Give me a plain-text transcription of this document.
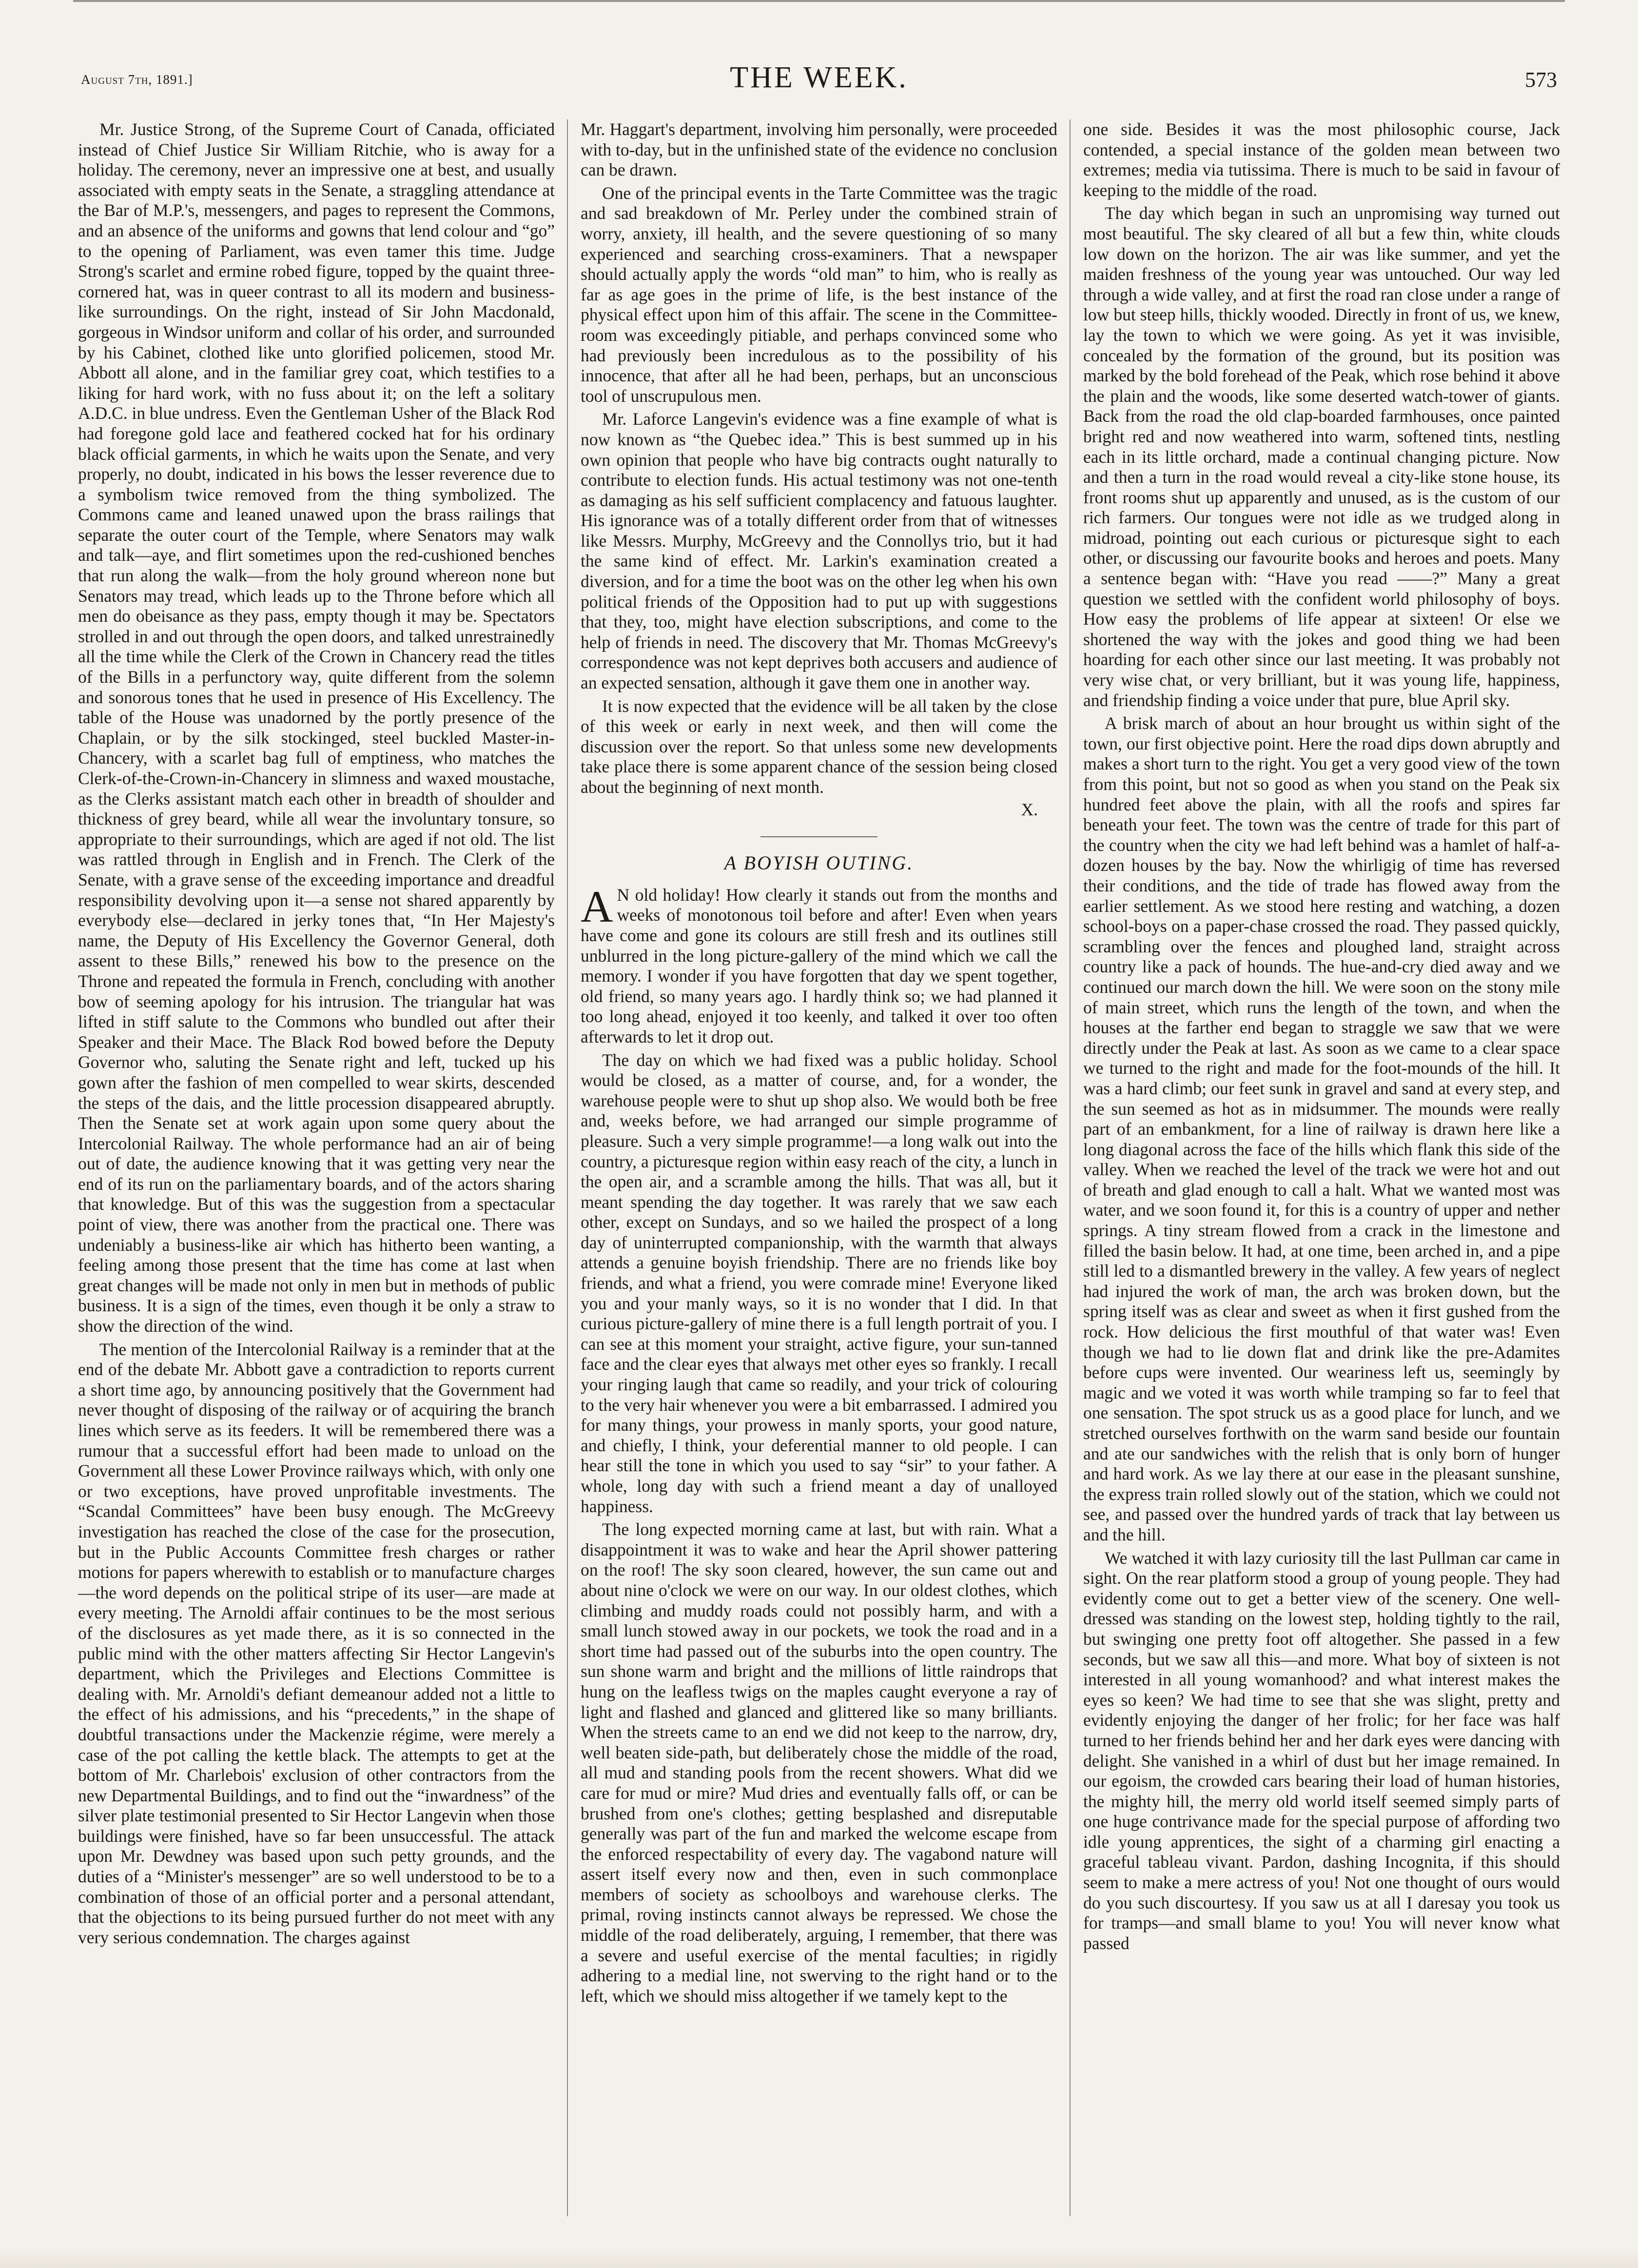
August 7th, 1891.]	THE WEEK.	573

Mr. Justice Strong, of the Supreme Court of Canada, officiated instead of Chief Justice Sir William Ritchie, who is away for a holiday. The ceremony, never an impressive one at best, and usually associated with empty seats in the Senate, a straggling attendance at the Bar of M.P.'s, messengers, and pages to represent the Commons, and an absence of the uniforms and gowns that lend colour and “go” to the opening of Parliament, was even tamer this time. Judge Strong's scarlet and ermine robed figure, topped by the quaint three-cornered hat, was in queer contrast to all its modern and business-like surroundings. On the right, instead of Sir John Macdonald, gorgeous in Windsor uniform and collar of his order, and surrounded by his Cabinet, clothed like unto glorified policemen, stood Mr. Abbott all alone, and in the familiar grey coat, which testifies to a liking for hard work, with no fuss about it; on the left a solitary A.D.C. in blue undress. Even the Gentleman Usher of the Black Rod had foregone gold lace and feathered cocked hat for his ordinary black official garments, in which he waits upon the Senate, and very properly, no doubt, indicated in his bows the lesser reverence due to a symbolism twice removed from the thing symbolized. The Commons came and leaned unawed upon the brass railings that separate the outer court of the Temple, where Senators may walk and talk—aye, and flirt sometimes upon the red-cushioned benches that run along the walk—from the holy ground whereon none but Senators may tread, which leads up to the Throne before which all men do obeisance as they pass, empty though it may be. Spectators strolled in and out through the open doors, and talked unrestrainedly all the time while the Clerk of the Crown in Chancery read the titles of the Bills in a perfunctory way, quite different from the solemn and sonorous tones that he used in presence of His Excellency. The table of the House was unadorned by the portly presence of the Chaplain, or by the silk stockinged, steel buckled Master-in-Chancery, with a scarlet bag full of emptiness, who matches the Clerk-of-the-Crown-in-Chancery in slimness and waxed moustache, as the Clerks assistant match each other in breadth of shoulder and thickness of grey beard, while all wear the involuntary tonsure, so appropriate to their surroundings, which are aged if not old. The list was rattled through in English and in French. The Clerk of the Senate, with a grave sense of the exceeding importance and dreadful responsibility devolving upon it—a sense not shared apparently by everybody else—declared in jerky tones that, “In Her Majesty's name, the Deputy of His Excellency the Governor General, doth assent to these Bills,” renewed his bow to the presence on the Throne and repeated the formula in French, concluding with another bow of seeming apology for his intrusion. The triangular hat was lifted in stiff salute to the Commons who bundled out after their Speaker and their Mace. The Black Rod bowed before the Deputy Governor who, saluting the Senate right and left, tucked up his gown after the fashion of men compelled to wear skirts, descended the steps of the dais, and the little procession disappeared abruptly. Then the Senate set at work again upon some query about the Intercolonial Railway. The whole performance had an air of being out of date, the audience knowing that it was getting very near the end of its run on the parliamentary boards, and of the actors sharing that knowledge. But of this was the suggestion from a spectacular point of view, there was another from the practical one. There was undeniably a business-like air which has hitherto been wanting, a feeling among those present that the time has come at last when great changes will be made not only in men but in methods of public business. It is a sign of the times, even though it be only a straw to show the direction of the wind.

The mention of the Intercolonial Railway is a reminder that at the end of the debate Mr. Abbott gave a contradiction to reports current a short time ago, by announcing positively that the Government had never thought of disposing of the railway or of acquiring the branch lines which serve as its feeders. It will be remembered there was a rumour that a successful effort had been made to unload on the Government all these Lower Province railways which, with only one or two exceptions, have proved unprofitable investments. The “Scandal Committees” have been busy enough. The McGreevy investigation has reached the close of the case for the prosecution, but in the Public Accounts Committee fresh charges or rather motions for papers wherewith to establish or to manufacture charges—the word depends on the political stripe of its user—are made at every meeting. The Arnoldi affair continues to be the most serious of the disclosures as yet made there, as it is so connected in the public mind with the other matters affecting Sir Hector Langevin's department, which the Privileges and Elections Committee is dealing with. Mr. Arnoldi's defiant demeanour added not a little to the effect of his admissions, and his “precedents,” in the shape of doubtful transactions under the Mackenzie régime, were merely a case of the pot calling the kettle black. The attempts to get at the bottom of Mr. Charlebois' exclusion of other contractors from the new Departmental Buildings, and to find out the “inwardness” of the silver plate testimonial presented to Sir Hector Langevin when those buildings were finished, have so far been unsuccessful. The attack upon Mr. Dewdney was based upon such petty grounds, and the duties of a “Minister's messenger” are so well understood to be to a combination of those of an official porter and a personal attendant, that the objections to its being pursued further do not meet with any very serious condemnation. The charges against

Mr. Haggart's department, involving him personally, were proceeded with to-day, but in the unfinished state of the evidence no conclusion can be drawn.

One of the principal events in the Tarte Committee was the tragic and sad breakdown of Mr. Perley under the combined strain of worry, anxiety, ill health, and the severe questioning of so many experienced and searching cross-examiners. That a newspaper should actually apply the words “old man” to him, who is really as far as age goes in the prime of life, is the best instance of the physical effect upon him of this affair. The scene in the Committee-room was exceedingly pitiable, and perhaps convinced some who had previously been incredulous as to the possibility of his innocence, that after all he had been, perhaps, but an unconscious tool of unscrupulous men.

Mr. Laforce Langevin's evidence was a fine example of what is now known as “the Quebec idea.” This is best summed up in his own opinion that people who have big contracts ought naturally to contribute to election funds. His actual testimony was not one-tenth as damaging as his self sufficient complacency and fatuous laughter. His ignorance was of a totally different order from that of witnesses like Messrs. Murphy, McGreevy and the Connollys trio, but it had the same kind of effect. Mr. Larkin's examination created a diversion, and for a time the boot was on the other leg when his own political friends of the Opposition had to put up with suggestions that they, too, might have election subscriptions, and come to the help of friends in need. The discovery that Mr. Thomas McGreevy's correspondence was not kept deprives both accusers and audience of an expected sensation, although it gave them one in another way.

It is now expected that the evidence will be all taken by the close of this week or early in next week, and then will come the discussion over the report. So that unless some new developments take place there is some apparent chance of the session being closed about the beginning of next month.

X.
A BOYISH OUTING.

A N old holiday! How clearly it stands out from the months and weeks of monotonous toil before and after! Even when years have come and gone its colours are still fresh and its outlines still unblurred in the long picture-gallery of the mind which we call the memory. I wonder if you have forgotten that day we spent together, old friend, so many years ago. I hardly think so; we had planned it too long ahead, enjoyed it too keenly, and talked it over too often afterwards to let it drop out.

The day on which we had fixed was a public holiday. School would be closed, as a matter of course, and, for a wonder, the warehouse people were to shut up shop also. We would both be free and, weeks before, we had arranged our simple programme of pleasure. Such a very simple programme!—a long walk out into the country, a picturesque region within easy reach of the city, a lunch in the open air, and a scramble among the hills. That was all, but it meant spending the day together. It was rarely that we saw each other, except on Sundays, and so we hailed the prospect of a long day of uninterrupted companionship, with the warmth that always attends a genuine boyish friendship. There are no friends like boy friends, and what a friend, you were comrade mine! Everyone liked you and your manly ways, so it is no wonder that I did. In that curious picture-gallery of mine there is a full length portrait of you. I can see at this moment your straight, active figure, your sun-tanned face and the clear eyes that always met other eyes so frankly. I recall your ringing laugh that came so readily, and your trick of colouring to the very hair whenever you were a bit embarrassed. I admired you for many things, your prowess in manly sports, your good nature, and chiefly, I think, your deferential manner to old people. I can hear still the tone in which you used to say “sir” to your father. A whole, long day with such a friend meant a day of unalloyed happiness.

The long expected morning came at last, but with rain. What a disappointment it was to wake and hear the April shower pattering on the roof! The sky soon cleared, however, the sun came out and about nine o'clock we were on our way. In our oldest clothes, which climbing and muddy roads could not possibly harm, and with a small lunch stowed away in our pockets, we took the road and in a short time had passed out of the suburbs into the open country. The sun shone warm and bright and the millions of little raindrops that hung on the leafless twigs on the maples caught everyone a ray of light and flashed and glanced and glittered like so many brilliants. When the streets came to an end we did not keep to the narrow, dry, well beaten side-path, but deliberately chose the middle of the road, all mud and standing pools from the recent showers. What did we care for mud or mire? Mud dries and eventually falls off, or can be brushed from one's clothes; getting besplashed and disreputable generally was part of the fun and marked the welcome escape from the enforced respectability of every day. The vagabond nature will assert itself every now and then, even in such commonplace members of society as schoolboys and warehouse clerks. The primal, roving instincts cannot always be repressed. We chose the middle of the road deliberately, arguing, I remember, that there was a severe and useful exercise of the mental faculties; in rigidly adhering to a medial line, not swerving to the right hand or to the left, which we should miss altogether if we tamely kept to the

one side. Besides it was the most philosophic course, Jack contended, a special instance of the golden mean between two extremes; media via tutissima. There is much to be said in favour of keeping to the middle of the road.

The day which began in such an unpromising way turned out most beautiful. The sky cleared of all but a few thin, white clouds low down on the horizon. The air was like summer, and yet the maiden freshness of the young year was untouched. Our way led through a wide valley, and at first the road ran close under a range of low but steep hills, thickly wooded. Directly in front of us, we knew, lay the town to which we were going. As yet it was invisible, concealed by the formation of the ground, but its position was marked by the bold forehead of the Peak, which rose behind it above the plain and the woods, like some deserted watch-tower of giants. Back from the road the old clap-boarded farmhouses, once painted bright red and now weathered into warm, softened tints, nestling each in its little orchard, made a continual changing picture. Now and then a turn in the road would reveal a city-like stone house, its front rooms shut up apparently and unused, as is the custom of our rich farmers. Our tongues were not idle as we trudged along in midroad, pointing out each curious or picturesque sight to each other, or discussing our favourite books and heroes and poets. Many a sentence began with: “Have you read ——?” Many a great question we settled with the confident world philosophy of boys. How easy the problems of life appear at sixteen! Or else we shortened the way with the jokes and good thing we had been hoarding for each other since our last meeting. It was probably not very wise chat, or very brilliant, but it was young life, happiness, and friendship finding a voice under that pure, blue April sky.

A brisk march of about an hour brought us within sight of the town, our first objective point. Here the road dips down abruptly and makes a short turn to the right. You get a very good view of the town from this point, but not so good as when you stand on the Peak six hundred feet above the plain, with all the roofs and spires far beneath your feet. The town was the centre of trade for this part of the country when the city we had left behind was a hamlet of half-a-dozen houses by the bay. Now the whirligig of time has reversed their conditions, and the tide of trade has flowed away from the earlier settlement. As we stood here resting and watching, a dozen school-boys on a paper-chase crossed the road. They passed quickly, scrambling over the fences and ploughed land, straight across country like a pack of hounds. The hue-and-cry died away and we continued our march down the hill. We were soon on the stony mile of main street, which runs the length of the town, and when the houses at the farther end began to straggle we saw that we were directly under the Peak at last. As soon as we came to a clear space we turned to the right and made for the foot-mounds of the hill. It was a hard climb; our feet sunk in gravel and sand at every step, and the sun seemed as hot as in midsummer. The mounds were really part of an embankment, for a line of railway is drawn here like a long diagonal across the face of the hills which flank this side of the valley. When we reached the level of the track we were hot and out of breath and glad enough to call a halt. What we wanted most was water, and we soon found it, for this is a country of upper and nether springs. A tiny stream flowed from a crack in the limestone and filled the basin below. It had, at one time, been arched in, and a pipe still led to a dismantled brewery in the valley. A few years of neglect had injured the work of man, the arch was broken down, but the spring itself was as clear and sweet as when it first gushed from the rock. How delicious the first mouthful of that water was! Even though we had to lie down flat and drink like the pre-Adamites before cups were invented. Our weariness left us, seemingly by magic and we voted it was worth while tramping so far to feel that one sensation. The spot struck us as a good place for lunch, and we stretched ourselves forthwith on the warm sand beside our fountain and ate our sandwiches with the relish that is only born of hunger and hard work. As we lay there at our ease in the pleasant sunshine, the express train rolled slowly out of the station, which we could not see, and passed over the hundred yards of track that lay between us and the hill.

We watched it with lazy curiosity till the last Pullman car came in sight. On the rear platform stood a group of young people. They had evidently come out to get a better view of the scenery. One well-dressed was standing on the lowest step, holding tightly to the rail, but swinging one pretty foot off altogether. She passed in a few seconds, but we saw all this—and more. What boy of sixteen is not interested in all young womanhood? and what interest makes the eyes so keen? We had time to see that she was slight, pretty and evidently enjoying the danger of her frolic; for her face was half turned to her friends behind her and her dark eyes were dancing with delight. She vanished in a whirl of dust but her image remained. In our egoism, the crowded cars bearing their load of human histories, the mighty hill, the merry old world itself seemed simply parts of one huge contrivance made for the special purpose of affording two idle young apprentices, the sight of a charming girl enacting a graceful tableau vivant. Pardon, dashing Incognita, if this should seem to make a mere actress of you! Not one thought of ours would do you such discourtesy. If you saw us at all I daresay you took us for tramps—and small blame to you! You will never know what passed
